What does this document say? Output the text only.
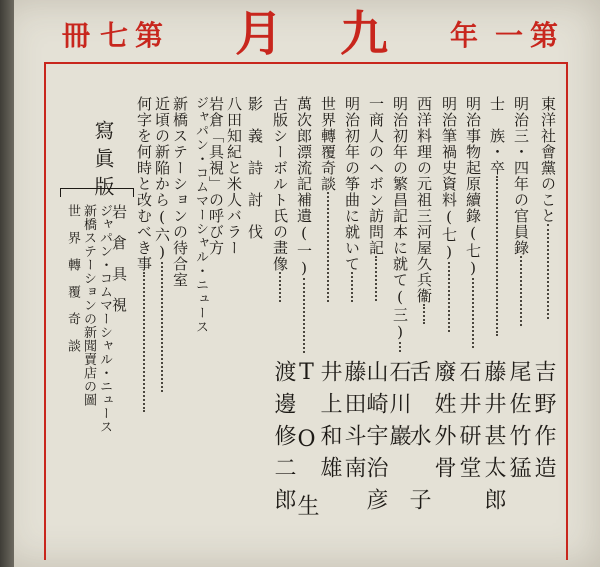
第
一
年
九
月
第
七
冊
東洋社會黨のこと
明治三・四年の官員錄
士　族・卒
明治事物起原續錄(七)
明治筆禍史資料(七)
西洋料理の元祖三河屋久兵衞
明治初年の繁昌記本に就て(三)
一商人のヘボン訪問記
明治初年の筝曲に就いて
世界轉覆奇談
萬次郎漂流記補遺(一)
古版シーボルト氏の畫像
吉野作造
尾佐竹猛
藤井甚太郎
石井研堂
廢姓外骨
舌　水　子
石川巖
山崎宇治彦
藤田斗南
井上和雄
T　O　生
渡邊修二郎
影　義　詩　討　伐
八田知紀と米人バラー
岩倉「具視」の呼び方
ジャパン・コムマーシャル・ニュース
新橋ステーションの待合室
近頃の新陥から(六)
何字を何時と改むべき事
寫眞版
岩　倉　具　視
ジャパン・コムマーシャル・ニュース
新橋ステーションの新聞賣店の圖
世　界　轉　覆　奇　談
